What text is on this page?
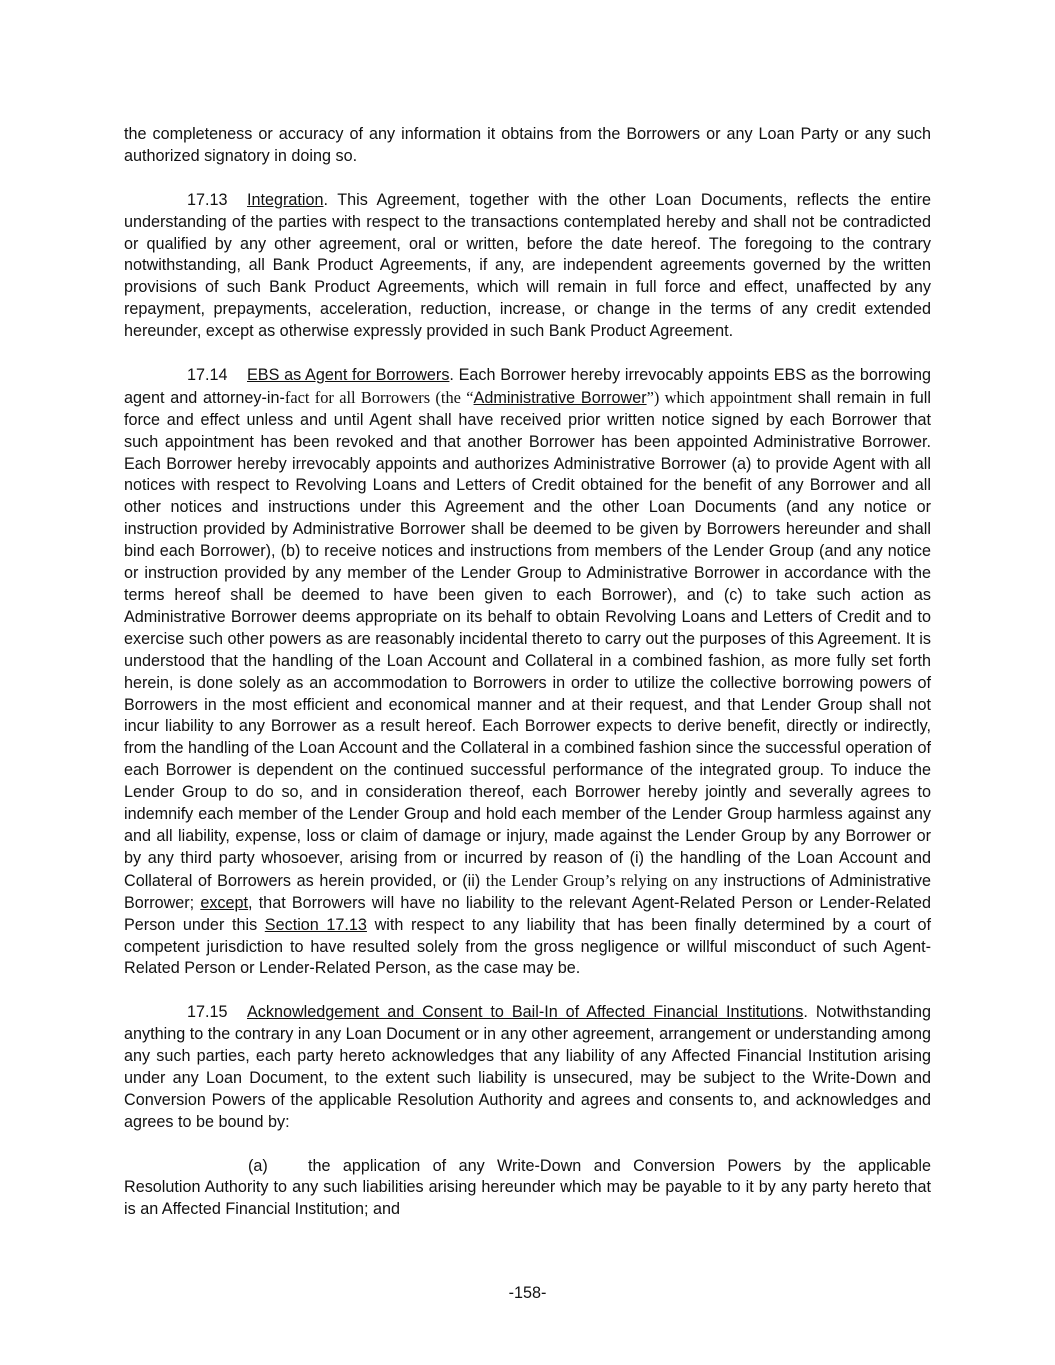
the completeness or accuracy of any information it obtains from the Borrowers or any Loan Party or any such authorized signatory in doing so.

17.13 Integration. This Agreement, together with the other Loan Documents, reflects the entire understanding of the parties with respect to the transactions contemplated hereby and shall not be contradicted or qualified by any other agreement, oral or written, before the date hereof. The foregoing to the contrary notwithstanding, all Bank Product Agreements, if any, are independent agreements governed by the written provisions of such Bank Product Agreements, which will remain in full force and effect, unaffected by any repayment, prepayments, acceleration, reduction, increase, or change in the terms of any credit extended hereunder, except as otherwise expressly provided in such Bank Product Agreement.

17.14 EBS as Agent for Borrowers. Each Borrower hereby irrevocably appoints EBS as the borrowing agent and attorney-in-fact for all Borrowers (the “Administrative Borrower”) which appointment shall remain in full force and effect unless and until Agent shall have received prior written notice signed by each Borrower that such appointment has been revoked and that another Borrower has been appointed Administrative Borrower. Each Borrower hereby irrevocably appoints and authorizes Administrative Borrower (a) to provide Agent with all notices with respect to Revolving Loans and Letters of Credit obtained for the benefit of any Borrower and all other notices and instructions under this Agreement and the other Loan Documents (and any notice or instruction provided by Administrative Borrower shall be deemed to be given by Borrowers hereunder and shall bind each Borrower), (b) to receive notices and instructions from members of the Lender Group (and any notice or instruction provided by any member of the Lender Group to Administrative Borrower in accordance with the terms hereof shall be deemed to have been given to each Borrower), and (c) to take such action as Administrative Borrower deems appropriate on its behalf to obtain Revolving Loans and Letters of Credit and to exercise such other powers as are reasonably incidental thereto to carry out the purposes of this Agreement. It is understood that the handling of the Loan Account and Collateral in a combined fashion, as more fully set forth herein, is done solely as an accommodation to Borrowers in order to utilize the collective borrowing powers of Borrowers in the most efficient and economical manner and at their request, and that Lender Group shall not incur liability to any Borrower as a result hereof. Each Borrower expects to derive benefit, directly or indirectly, from the handling of the Loan Account and the Collateral in a combined fashion since the successful operation of each Borrower is dependent on the continued successful performance of the integrated group. To induce the Lender Group to do so, and in consideration thereof, each Borrower hereby jointly and severally agrees to indemnify each member of the Lender Group and hold each member of the Lender Group harmless against any and all liability, expense, loss or claim of damage or injury, made against the Lender Group by any Borrower or by any third party whosoever, arising from or incurred by reason of (i) the handling of the Loan Account and Collateral of Borrowers as herein provided, or (ii) the Lender Group’s relying on any instructions of Administrative Borrower; except, that Borrowers will have no liability to the relevant Agent-Related Person or Lender-Related Person under this Section 17.13 with respect to any liability that has been finally determined by a court of competent jurisdiction to have resulted solely from the gross negligence or willful misconduct of such Agent-Related Person or Lender-Related Person, as the case may be.

17.15 Acknowledgement and Consent to Bail-In of Affected Financial Institutions. Notwithstanding anything to the contrary in any Loan Document or in any other agreement, arrangement or understanding among any such parties, each party hereto acknowledges that any liability of any Affected Financial Institution arising under any Loan Document, to the extent such liability is unsecured, may be subject to the Write-Down and Conversion Powers of the applicable Resolution Authority and agrees and consents to, and acknowledges and agrees to be bound by:

(a) the application of any Write-Down and Conversion Powers by the applicable Resolution Authority to any such liabilities arising hereunder which may be payable to it by any party hereto that is an Affected Financial Institution; and

-158-
